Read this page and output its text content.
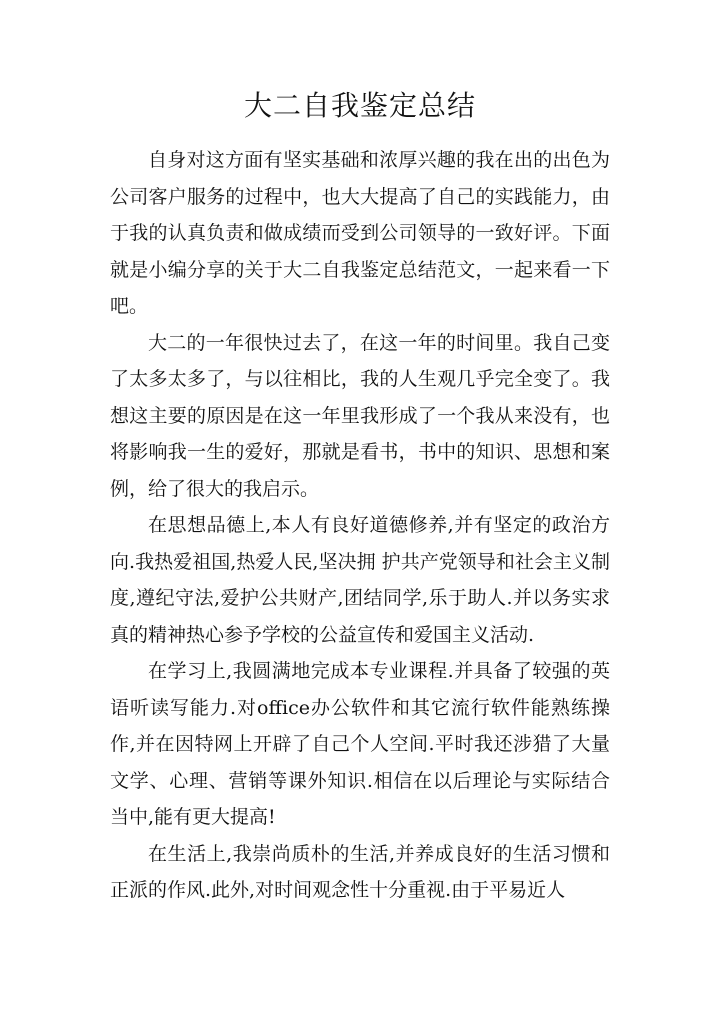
大二自我鉴定总结

自身对这方面有坚实基础和浓厚兴趣的我在出的出色为公司客户服务的过程中，也大大提高了自己的实践能力，由于我的认真负责和做成绩而受到公司领导的一致好评。下面就是小编分享的关于大二自我鉴定总结范文，一起来看一下吧。

大二的一年很快过去了，在这一年的时间里。我自己变了太多太多了，与以往相比，我的人生观几乎完全变了。我想这主要的原因是在这一年里我形成了一个我从来没有，也将影响我一生的爱好，那就是看书，书中的知识、思想和案例，给了很大的我启示。

在思想品德上,本人有良好道德修养,并有坚定的政治方向.我热爱祖国,热爱人民,坚决拥 护共产党领导和社会主义制度,遵纪守法,爱护公共财产,团结同学,乐于助人.并以务实求真的精神热心参予学校的公益宣传和爱国主义活动.

在学习上,我圆满地完成本专业课程.并具备了较强的英语听读写能力.对office办公软件和其它流行软件能熟练操作,并在因特网上开辟了自己个人空间.平时我还涉猎了大量文学、心理、营销等课外知识.相信在以后理论与实际结合当中,能有更大提高!

在生活上,我崇尚质朴的生活,并养成良好的生活习惯和正派的作风.此外,对时间观念性十分重视.由于平易近人
